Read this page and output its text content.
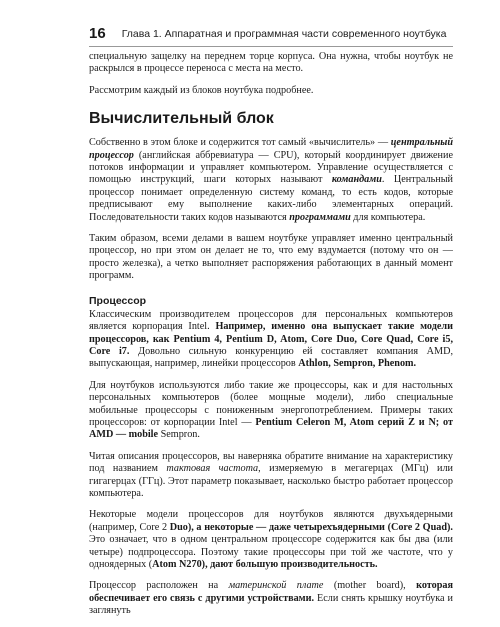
16 Глава 1. Аппаратная и программная части современного ноутбука

специальную защелку на переднем торце корпуса. Она нужна, чтобы ноутбук не раскрылся в процессе переноса с места на место.

Рассмотрим каждый из блоков ноутбука подробнее.

Вычислительный блок

Собственно в этом блоке и содержится тот самый «вычислитель» — центральный процессор (английская аббревиатура — CPU), который координирует движение потоков информации и управляет компьютером. Управление осуществляется с помощью инструкций, шаги которых называют командами. Центральный процессор понимает определенную систему команд, то есть кодов, которые предписывают ему выполнение каких-либо элементарных операций. Последовательности таких кодов называются программами для компьютера.

Таким образом, всеми делами в вашем ноутбуке управляет именно центральный процессор, но при этом он делает не то, что ему вздумается (потому что он — просто железка), а четко выполняет распоряжения работающих в данный момент программ.

Процессор

Классическим производителем процессоров для персональных компьютеров является корпорация Intel. Например, именно она выпускает такие модели процессоров, как Pentium 4, Pentium D, Atom, Core Duo, Core Quad, Core i5, Core i7. Довольно сильную конкуренцию ей составляет компания AMD, выпускающая, например, линейки процессоров Athlon, Sempron, Phenom.

Для ноутбуков используются либо такие же процессоры, как и для настольных персональных компьютеров (более мощные модели), либо специальные мобильные процессоры с пониженным энергопотреблением. Примеры таких процессоров: от корпорации Intel — Pentium Celeron M, Atom серий Z и N; от AMD — mobile Sempron.

Читая описания процессоров, вы наверняка обратите внимание на характеристику под названием тактовая частота, измеряемую в мегагерцах (МГц) или гигагерцах (ГГц). Этот параметр показывает, насколько быстро работает процессор компьютера.

Некоторые модели процессоров для ноутбуков являются двухъядерными (например, Core 2 Duo), а некоторые — даже четырехъядерными (Core 2 Quad). Это означает, что в одном центральном процессоре содержится как бы два (или четыре) подпроцессора. Поэтому такие процессоры при той же частоте, что у одноядерных (Atom N270), дают большую производительность.

Процессор расположен на материнской плате (mother board), которая обеспечивает его связь с другими устройствами. Если снять крышку ноутбука и заглянуть
